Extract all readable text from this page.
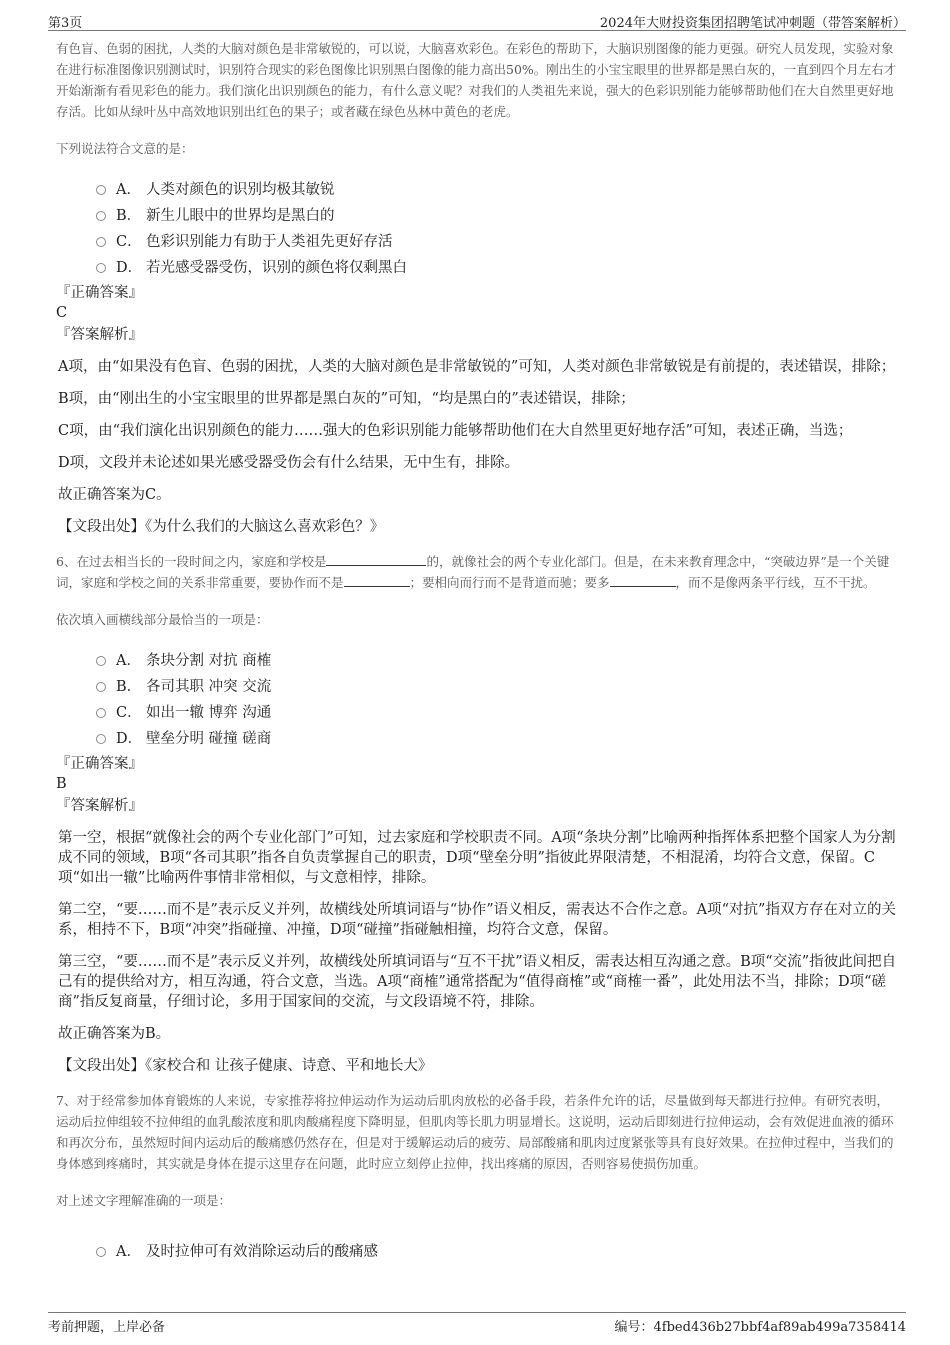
第3页	2024年大财投资集团招聘笔试冲刺题（带答案解析）

有色盲、色弱的困扰，人类的大脑对颜色是非常敏锐的，可以说，大脑喜欢彩色。在彩色的帮助下，大脑识别图像的能力更强。研究人员发现，实验对象在进行标准图像识别测试时，识别符合现实的彩色图像比识别黑白图像的能力高出50%。刚出生的小宝宝眼里的世界都是黑白灰的，一直到四个月左右才开始渐渐有看见彩色的能力。我们演化出识别颜色的能力，有什么意义呢？对我们的人类祖先来说，强大的色彩识别能力能够帮助他们在大自然里更好地存活。比如从绿叶丛中高效地识别出红色的果子；或者藏在绿色丛林中黄色的老虎。

下列说法符合文意的是：

A． 人类对颜色的识别均极其敏锐
B． 新生儿眼中的世界均是黑白的
C． 色彩识别能力有助于人类祖先更好存活
D． 若光感受器受伤，识别的颜色将仅剩黑白

『正确答案』

C

『答案解析』

A项，由“如果没有色盲、色弱的困扰，人类的大脑对颜色是非常敏锐的”可知，人类对颜色非常敏锐是有前提的，表述错误，排除；

B项，由“刚出生的小宝宝眼里的世界都是黑白灰的”可知，“均是黑白的”表述错误，排除；

C项，由“我们演化出识别颜色的能力……强大的色彩识别能力能够帮助他们在大自然里更好地存活”可知，表述正确，当选；

D项，文段并未论述如果光感受器受伤会有什么结果，无中生有，排除。

故正确答案为C。

【文段出处】《为什么我们的大脑这么喜欢彩色？》

6、在过去相当长的一段时间之内，家庭和学校是	的，就像社会的两个专业化部门。但是，在未来教育理念中，“突破边界”是一个关键词，家庭和学校之间的关系非常重要，要协作而不是	；要相向而行而不是背道而驰；要多	，而不是像两条平行线，互不干扰。

依次填入画横线部分最恰当的一项是：

A． 条块分割 对抗 商榷
B． 各司其职 冲突 交流
C． 如出一辙 博弈 沟通
D． 壁垒分明 碰撞 磋商

『正确答案』

B

『答案解析』

第一空，根据“就像社会的两个专业化部门”可知，过去家庭和学校职责不同。A项“条块分割”比喻两种指挥体系把整个国家人为分割成不同的领域，B项“各司其职”指各自负责掌握自己的职责，D项“壁垒分明”指彼此界限清楚，不相混淆，均符合文意，保留。C项“如出一辙”比喻两件事情非常相似，与文意相悖，排除。

第二空，“要……而不是”表示反义并列，故横线处所填词语与“协作”语义相反，需表达不合作之意。A项“对抗”指双方存在对立的关系，相持不下，B项“冲突”指碰撞、冲撞，D项“碰撞”指碰触相撞，均符合文意，保留。

第三空，“要……而不是”表示反义并列，故横线处所填词语与“互不干扰”语义相反，需表达相互沟通之意。B项“交流”指彼此间把自己有的提供给对方，相互沟通，符合文意，当选。A项“商榷”通常搭配为“值得商榷”或“商榷一番”，此处用法不当，排除；D项“磋商”指反复商量，仔细讨论，多用于国家间的交流，与文段语境不符，排除。

故正确答案为B。

【文段出处】《家校合和 让孩子健康、诗意、平和地长大》

7、对于经常参加体育锻炼的人来说，专家推荐将拉伸运动作为运动后肌肉放松的必备手段，若条件允许的话，尽量做到每天都进行拉伸。有研究表明，运动后拉伸组较不拉伸组的血乳酸浓度和肌肉酸痛程度下降明显，但肌肉等长肌力明显增长。这说明，运动后即刻进行拉伸运动，会有效促进血液的循环和再次分布，虽然短时间内运动后的酸痛感仍然存在，但是对于缓解运动后的疲劳、局部酸痛和肌肉过度紧张等具有良好效果。在拉伸过程中，当我们的身体感到疼痛时，其实就是身体在提示这里存在问题，此时应立刻停止拉伸，找出疼痛的原因，否则容易使损伤加重。

对上述文字理解准确的一项是：

A． 及时拉伸可有效消除运动后的酸痛感
考前押题，上岸必备	编号：4fbed436b27bbf4af89ab499a7358414
